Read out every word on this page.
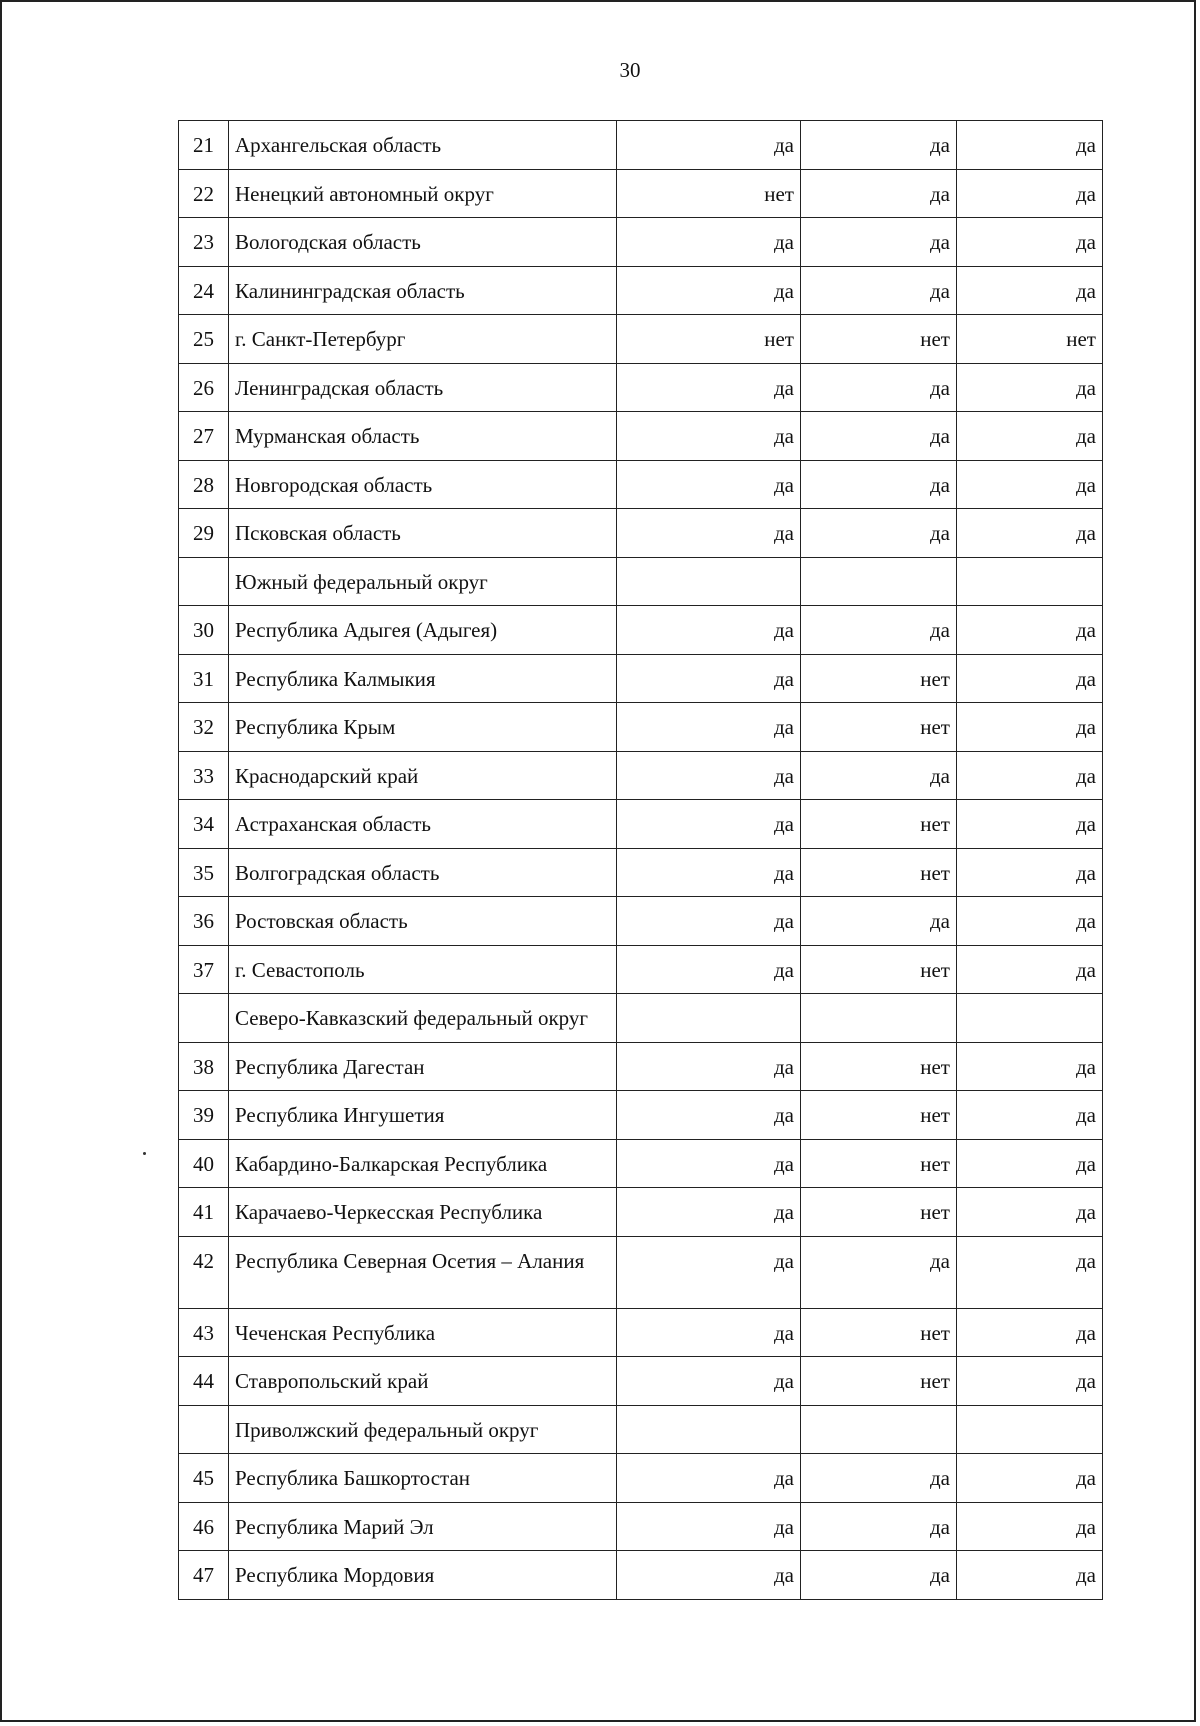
30
21	Архангельская область	да	да	да
22	Ненецкий автономный округ	нет	да	да
23	Вологодская область	да	да	да
24	Калининградская область	да	да	да
25	г. Санкт-Петербург	нет	нет	нет
26	Ленинградская область	да	да	да
27	Мурманская область	да	да	да
28	Новгородская область	да	да	да
29	Псковская область	да	да	да
	Южный федеральный округ			
30	Республика Адыгея (Адыгея)	да	да	да
31	Республика Калмыкия	да	нет	да
32	Республика Крым	да	нет	да
33	Краснодарский край	да	да	да
34	Астраханская область	да	нет	да
35	Волгоградская область	да	нет	да
36	Ростовская область	да	да	да
37	г. Севастополь	да	нет	да
	Северо-Кавказский федеральный округ			
38	Республика Дагестан	да	нет	да
39	Республика Ингушетия	да	нет	да
40	Кабардино-Балкарская Республика	да	нет	да
41	Карачаево-Черкесская Республика	да	нет	да
42	Республика Северная Осетия – Алания	да	да	да
43	Чеченская Республика	да	нет	да
44	Ставропольский край	да	нет	да
	Приволжский федеральный округ			
45	Республика Башкортостан	да	да	да
46	Республика Марий Эл	да	да	да
47	Республика Мордовия	да	да	да
